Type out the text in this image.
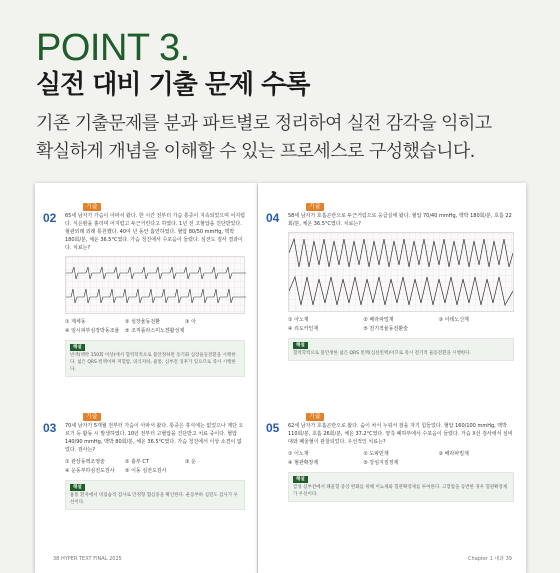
POINT 3.
실전 대비 기출 문제 수록
기존 기출문제를 분과 파트별로 정리하여 실전 감각을 익히고
확실하게 개념을 이해할 수 있는 프로세스로 구성했습니다.
기출
02 65세 남자가 가슴이 아파서 왔다. 한 시간 전부터 가슴 통증이 지속되었으며 어지럽다. 식은땀을 흘리며 어지럽고 두근거린다고 하였다. 1년 전 고혈압을 진단받았다. 혈관외래 외래 통원했다. 40여 년 동안 흡연하였다. 혈압 80/50 mmHg, 맥박 180회/분, 체온 36.5°C였다. 가슴 청진에서 수포음이 들렸다. 심전도 검사 결과이다. 치료는?
① 제세동	② 심장율동전환	③ 아
④ 임시피부심장박동조율	⑤ 조직플라스미노겐활성제
해설
빈맥(맥박 150회 이상)에서 혈역학적으로 불안정하면 동기화 심장율동전환을 시행한다. 넓은 QRS 빈맥이며 저혈압, 의식저하, 흉통, 심부전 징후가 있으므로 즉시 시행한다.
기출
03 70세 남자가 5개월 전부터 가슴이 아파서 왔다. 통증은 휴식에는 없었으나 계단 오르기 등 활동 시 발생하였다. 10년 전부터 고혈압을 진단받고 치료 중이다. 혈압 140/90 mmHg, 맥박 80회/분, 체온 36.5°C였다. 가슴 청진에서 이상 소견이 없었다. 검사는?
① 관상동맥조영술	② 흉부 CT	③ 운
④ 운동부하심전도검사	⑤ 이동 심전도검사
해설
흉통 환자에서 비침습적 검사로 안정형 협심증을 확인한다. 운동부하 심전도 검사가 우선이다.
38 HYPER TEXT FINAL 2025
기출
04 58세 남자가 호흡곤란으로 두근거림으로 응급실에 왔다. 혈압 70/40 mmHg, 맥박 180회/분, 호흡 22회/분, 체온 36.5°C였다. 치료는?
① 아노재	② 베라파밀재	③ 아데노신재
④ 리도카인재	⑤ 전기적율동전환술
해설
혈역학적으로 불안정한 넓은 QRS 빈맥(심실빈맥)이므로 즉시 전기적 율동전환을 시행한다.
기출
05 62세 남자가 호흡곤란으로 왔다. 숨이 차서 누워서 잠을 자기 힘들었다. 혈압 160/100 mmHg, 맥박 110회/분, 호흡 26회/분, 체온 37.2°C였다. 양측 폐하부에서 수포음이 들렸다. 가슴 X선 검사에서 심비대와 폐울혈이 관찰되었다. 우선적인 치료는?
① 이노재	② 도파민재	③ 베라파밀재
④ 혈관확장제	⑤ 강심지질정제
해설
급성 심부전에서 폐울혈 증상 완화를 위해 이뇨제와 혈관확장제를 투여한다. 고혈압을 동반한 경우 혈관확장제가 우선이다.
Chapter 1 내과 39
